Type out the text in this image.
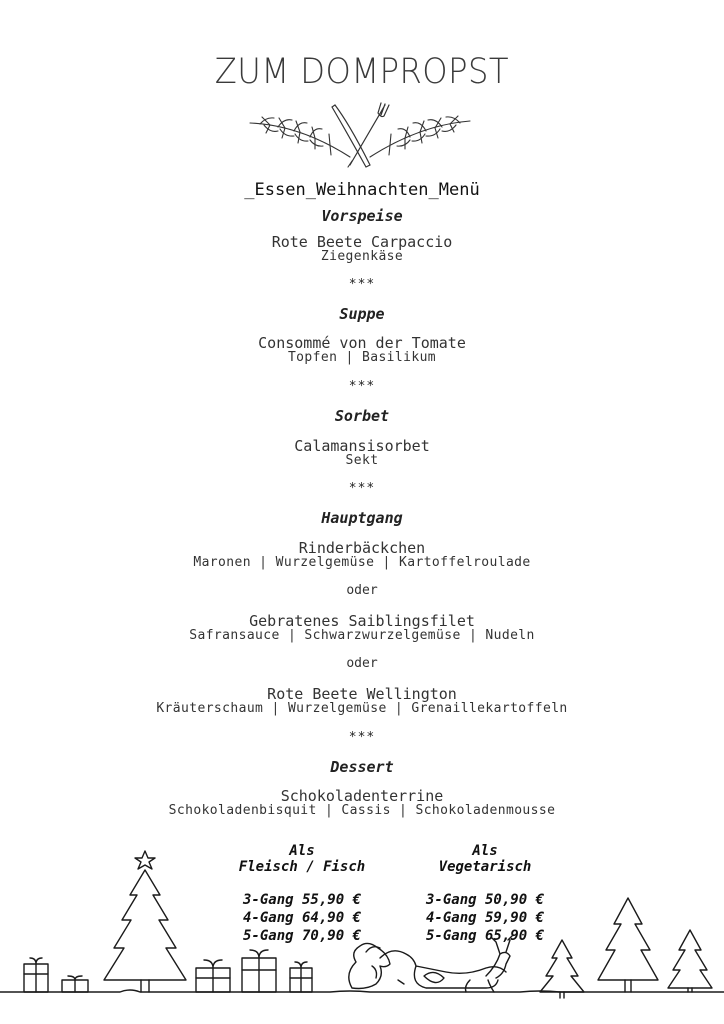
ZUM DOMPROPST
_Essen_Weihnachten_Menü
Vorspeise
Rote Beete Carpaccio
Ziegenkäse
***
Suppe
Consommé von der Tomate
Topfen | Basilikum
***
Sorbet
Calamansisorbet
Sekt
***
Hauptgang
Rinderbäckchen
Maronen | Wurzelgemüse | Kartoffelroulade
oder
Gebratenes Saiblingsfilet
Safransauce | Schwarzwurzelgemüse | Nudeln
oder
Rote Beete Wellington
Kräuterschaum | Wurzelgemüse | Grenaillekartoffeln
***
Dessert
Schokoladenterrine
Schokoladenbisquit | Cassis | Schokoladenmousse
Als
Fleisch / Fisch
3-Gang 55,90 €
4-Gang 64,90 €
5-Gang 70,90 €
Als
Vegetarisch
3-Gang 50,90 €
4-Gang 59,90 €
5-Gang 65,90 €
